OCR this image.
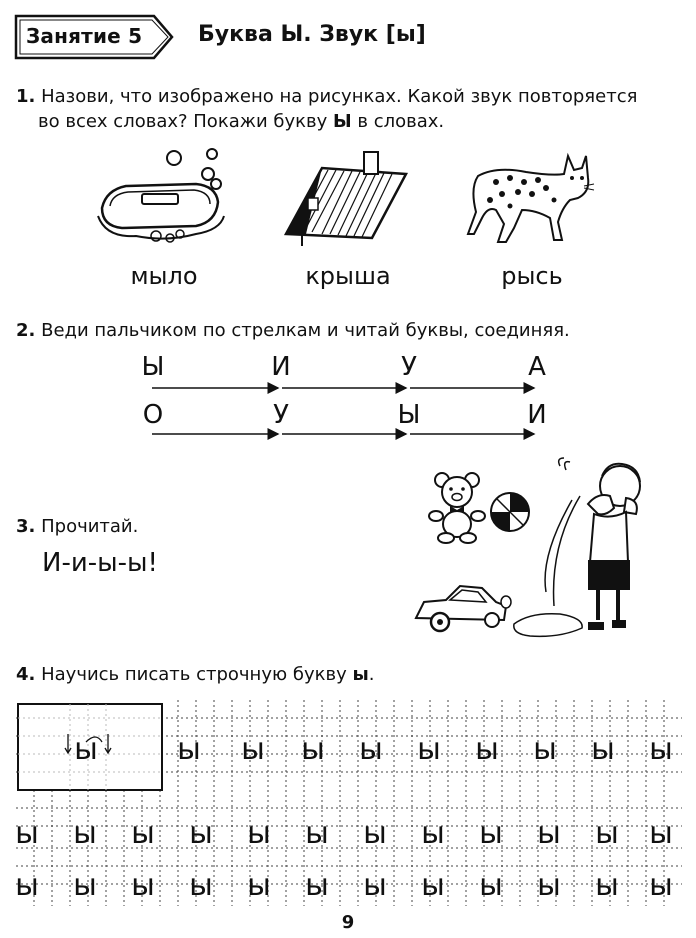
Занятие 5	Буква Ы. Звук [ы]
1. Назови, что изображено на рисунках. Какой звук повторяется
во всех словах? Покажи букву Ы в словах.
мыло	крыша	рысь
2. Веди пальчиком по стрелкам и читай буквы, соединяя.
Ы	И	У	А
О	У	Ы	И
3. Прочитай.
И-и-ы-ы!
4. Научись писать строчную букву ы.
ы	ы ы ы ы ы ы ы ы ы
ы ы ы ы ы ы ы ы ы ы ы ы
ы ы ы ы ы ы ы ы ы ы ы ы
9
